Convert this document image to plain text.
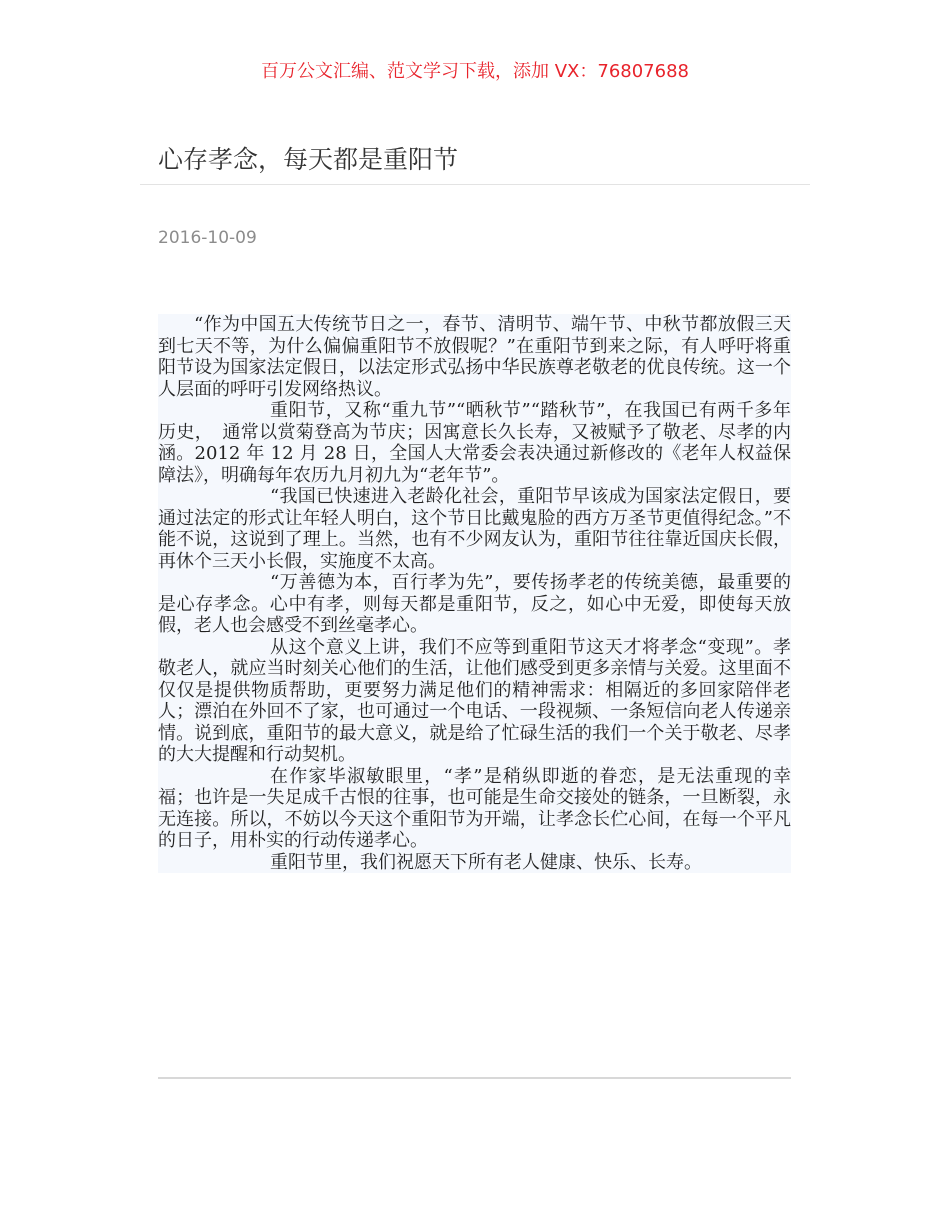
百万公文汇编、范文学习下载，添加 VX：76807688
心存孝念，每天都是重阳节
2016-10-09

“作为中国五大传统节日之一，春节、清明节、端午节、中秋节都放假三天到七天不等，为什么偏偏重阳节不放假呢？”在重阳节到来之际，有人呼吁将重阳节设为国家法定假日，以法定形式弘扬中华民族尊老敬老的优良传统。这一个人层面的呼吁引发网络热议。

重阳节，又称“重九节”“晒秋节”“踏秋节”，在我国已有两千多年历史，　通常以赏菊登高为节庆；因寓意长久长寿，又被赋予了敬老、尽孝的内涵。2012 年 12 月 28 日，全国人大常委会表决通过新修改的《老年人权益保障法》，明确每年农历九月初九为“老年节”。

“我国已快速进入老龄化社会，重阳节早该成为国家法定假日，要通过法定的形式让年轻人明白，这个节日比戴鬼脸的西方万圣节更值得纪念。”不能不说，这说到了理上。当然，也有不少网友认为，重阳节往往靠近国庆长假，再休个三天小长假，实施度不太高。

“万善德为本，百行孝为先”，要传扬孝老的传统美德，最重要的是心存孝念。心中有孝，则每天都是重阳节，反之，如心中无爱，即使每天放假，老人也会感受不到丝毫孝心。

从这个意义上讲，我们不应等到重阳节这天才将孝念“变现”。孝敬老人，就应当时刻关心他们的生活，让他们感受到更多亲情与关爱。这里面不仅仅是提供物质帮助，更要努力满足他们的精神需求：相隔近的多回家陪伴老人；漂泊在外回不了家，也可通过一个电话、一段视频、一条短信向老人传递亲情。说到底，重阳节的最大意义，就是给了忙碌生活的我们一个关于敬老、尽孝的大大提醒和行动契机。

在作家毕淑敏眼里，“孝”是稍纵即逝的眷恋，是无法重现的幸福；也许是一失足成千古恨的往事，也可能是生命交接处的链条，一旦断裂，永无连接。所以，不妨以今天这个重阳节为开端，让孝念长伫心间，在每一个平凡的日子，用朴实的行动传递孝心。

重阳节里，我们祝愿天下所有老人健康、快乐、长寿。
